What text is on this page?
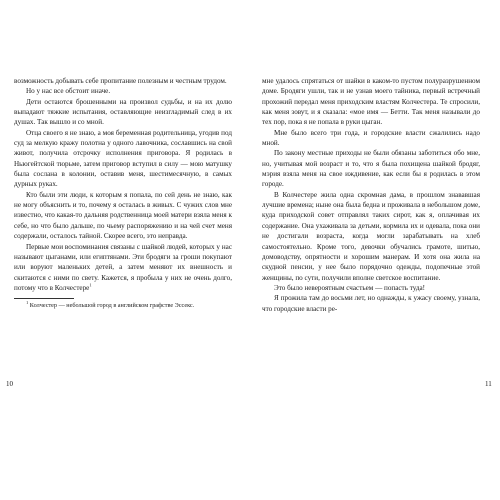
возможность добывать себе пропитание полезным и честным трудом.

Но у нас все обстоит иначе.

Дети остаются брошенными на произвол судьбы, и на их долю выпадают тяжкие испытания, оставляющие неизгладимый след в их душах. Так вышло и со мной.

Отца своего я не знаю, а моя беременная родительница, угодив под суд за мелкую кражу полотна у одного лавочника, сославшись на свой живот, получила отсрочку исполнения приговора. Я родилась в Ньюгейтской тюрьме, затем приговор вступил в силу — мою матушку была сослана в колонии, оставив меня, шестимесячную, в самых дурных руках.

Кто были эти люди, к которым я попала, по сей день не знаю, как не могу объяснить и то, почему я осталась в живых. С чужих слов мне известно, что какая-то дальняя родственница моей матери взяла меня к себе, но что было дальше, по чьему распоряжению и на чей счет меня содержали, осталось тайной. Скорее всего, это неправда.

Первые мои воспоминания связаны с шайкой людей, которых у нас называют цыганами, или египтянами. Эти бродяги за гроши покупают или воруют маленьких детей, а затем меняют их внешность и скитаются с ними по свету. Кажется, я пробыла у них не очень долго, потому что в Колчестере$^1$

$^1$ Колчестер — небольшой город в английском графстве Эссекс.

мне удалось спрятаться от шайки в каком-то пустом полуразрушенном доме. Бродяги ушли, так и не узнав моего тайника, первый встречный прохожий передал меня приходским властям Колчестера. Те спросили, как меня зовут, и я сказала: «мое имя — Бетти. Так меня называли до тех пор, пока я не попала в руки цыган.

Мне было всего три года, и городские власти сжалились надо мной.

По закону местные приходы не были обязаны заботиться обо мне, но, учитывая мой возраст и то, что я была похищена шайкой бродяг, мэрия взяла меня на свое иждивение, как если бы я родилась в этом городе.

В Колчестере жила одна скромная дама, в прошлом знававшая лучшие времена; ныне она была бедна и проживала в небольшом доме, куда приходской совет отправлял таких сирот, как я, оплачивая их содержание. Она ухаживала за детьми, кормила их и одевала, пока они не достигали возраста, когда могли зарабатывать на хлеб самостоятельно. Кроме того, девочки обучались грамоте, шитью, домоводству, опрятности и хорошим манерам. И хотя она жила на скудной пенсии, у нее было порядочно одежды, подопечные этой женщины, по сути, получили вполне светское воспитание.

Это было невероятным счастьем — попасть туда!

Я прожила там до восьми лет, но однажды, к ужасу своему, узнала, что городские власти ре-

10	11
